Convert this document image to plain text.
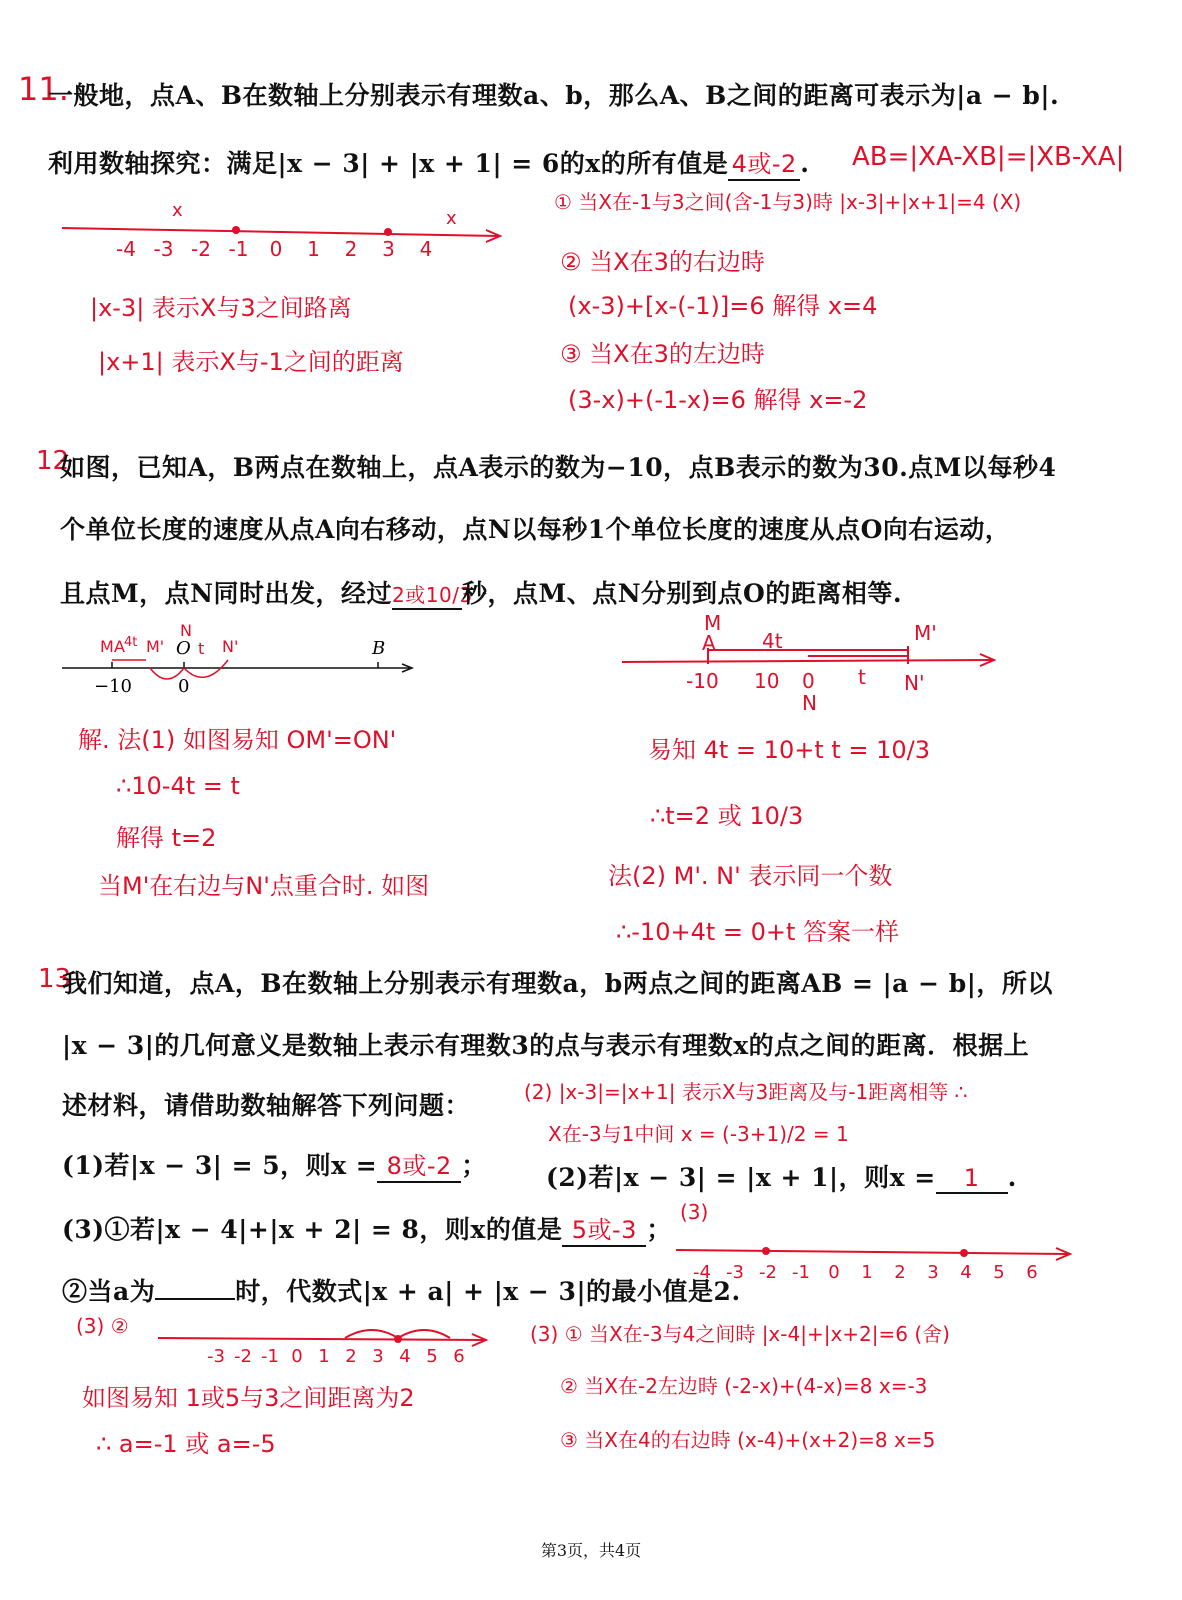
11.
一般地，点A、B在数轴上分别表示有理数a、b，那么A、B之间的距离可表示为|a − b|.
利用数轴探究：满足|x − 3| + |x + 1| = 6的x的所有值是 4或-2 . AB=|XA-XB|=|XB-XA|
① 当X在-1与3之间(含-1与3)時 |x-3|+|x+1|=4 (X)
② 当X在3的右边時
(x-3)+[x-(-1)]=6 解得 x=4
③ 当X在3的左边時
(3-x)+(-1-x)=6 解得 x=-2
|x-3| 表示X与3之间路离
|x+1| 表示X与-1之间的距离
-4 -3 -2 -1 0 1 2 3 4
x	x
12
如图，已知A，B两点在数轴上，点A表示的数为−10，点B表示的数为30.点M以每秒4
个单位长度的速度从点A向右移动，点N以每秒1个单位长度的速度从点O向右运动，
且点M，点N同时出发，经过2或10/3秒，点M、点N分别到点O的距离相等.
−10	0
B
O
M A 4t M'
N
t N'
M
A 4t	M'
-10 10 0 t N'
N
解. 法(1) 如图易知 OM'=ON'
∴10-4t = t
解得 t=2
当M'在右边与N'点重合时. 如图
易知 4t = 10+t t = 10/3
∴t=2 或 10/3
法(2) M'. N' 表示同一个数
∴-10+4t = 0+t 答案一样
13
我们知道，点A，B在数轴上分别表示有理数a，b两点之间的距离AB = |a − b|，所以
|x − 3|的几何意义是数轴上表示有理数3的点与表示有理数x的点之间的距离．根据上
述材料，请借助数轴解答下列问题：	(2) |x-3|=|x+1| 表示X与3距离及与-1距离相等 ∴
X在-3与1中间 x = (-3+1)/2 = 1
(1)若|x − 3| = 5，则x = 8或-2 ； (2)若|x − 3| = |x + 1|，则x = 1 .
(3)①若|x − 4|+|x + 2| = 8，则x的值是 5或-3 ；
②当a为	时，代数式|x + a| + |x − 3|的最小值是2.
(3)
-4 -3 -2 -1 0 1 2 3 4 5 6
(3) ②
-3 -2 -1 0 1 2 3 4 5 6
如图易知 1或5与3之间距离为2
∴ a=-1 或 a=-5
(3) ① 当X在-3与4之间時 |x-4|+|x+2|=6 (舍)
② 当X在-2左边時 (-2-x)+(4-x)=8 x=-3
③ 当X在4的右边時 (x-4)+(x+2)=8 x=5
第3页，共4页
